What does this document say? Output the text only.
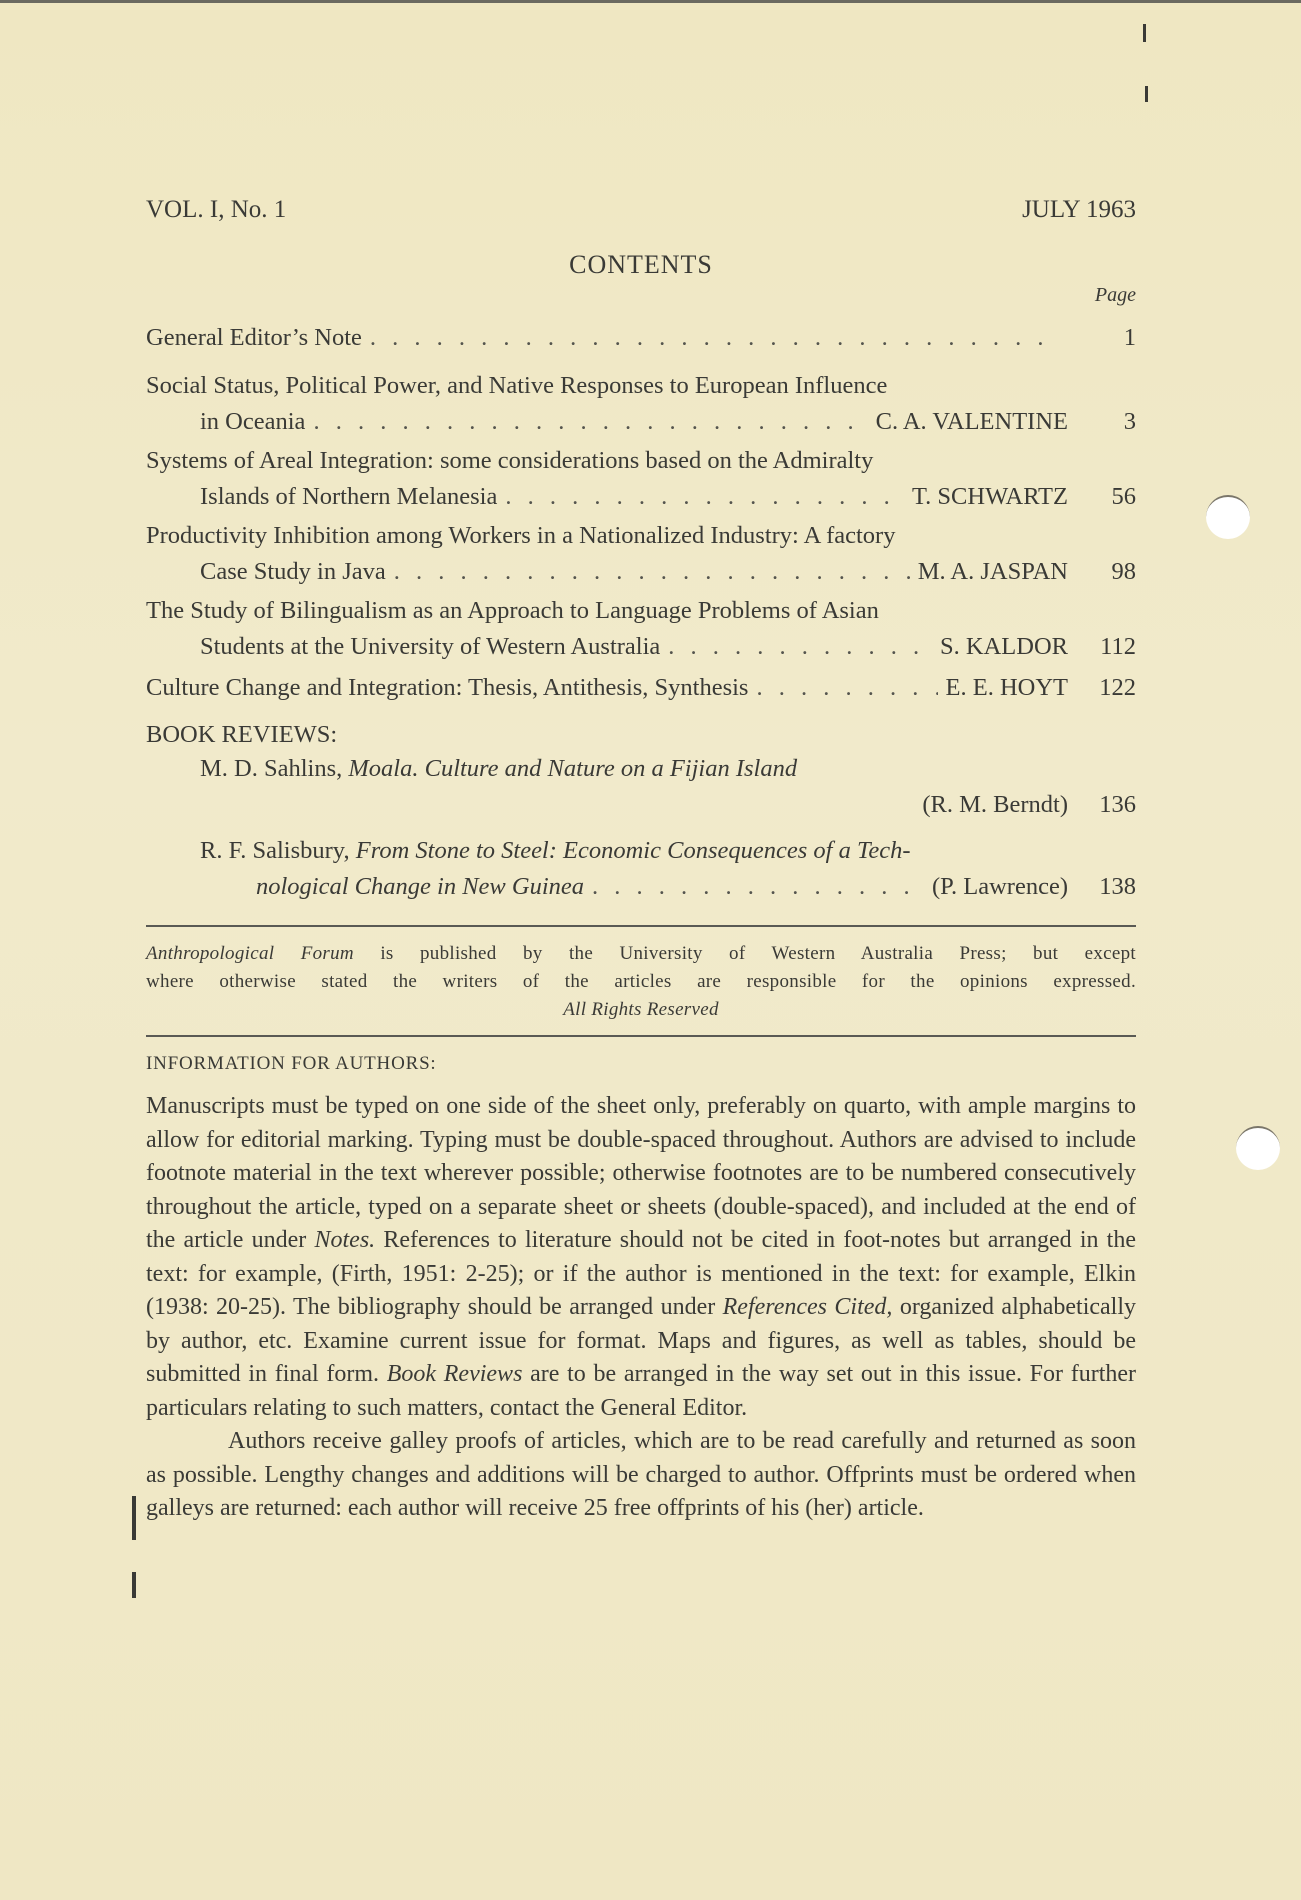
VOL. I, No. 1	JULY 1963
CONTENTS
Page
General Editor’s Note . . .	1
Social Status, Political Power, and Native Responses to European Influence
in Oceania . . .	C. A. VALENTINE	3
Systems of Areal Integration: some considerations based on the Admiralty
Islands of Northern Melanesia . . .	T. SCHWARTZ	56
Productivity Inhibition among Workers in a Nationalized Industry: A factory
Case Study in Java . . .	M. A. JASPAN	98
The Study of Bilingualism as an Approach to Language Problems of Asian
Students at the University of Western Australia . . .	S. KALDOR	112
Culture Change and Integration: Thesis, Antithesis, Synthesis . . .	E. E. HOYT	122
BOOK REVIEWS:
M. D. Sahlins,
Moala. Culture and Nature on a Fijian Island
(R. M. Berndt)	136
R. F. Salisbury,
From Stone to Steel: Economic Consequences of a Tech-
nological Change in New Guinea . . .	(P. Lawrence)	138

Anthropological Forum is published by the University of Western Australia Press; but except

where otherwise stated the writers of the articles are responsible for the opinions expressed.

All Rights Reserved

INFORMATION FOR AUTHORS:

Manuscripts must be typed on one side of the sheet only, preferably on quarto, with ample margins to allow for editorial marking. Typing must be double-spaced throughout. Authors are advised to include footnote material in the text wherever possible; otherwise footnotes are to be numbered consecutively throughout the article, typed on a separate sheet or sheets (double-spaced), and included at the end of the article under Notes. References to literature should not be cited in foot-notes but arranged in the text: for example, (Firth, 1951: 2-25); or if the author is mentioned in the text: for example, Elkin (1938: 20-25). The bibliography should be arranged under References Cited, organized alphabetically by author, etc. Examine current issue for format. Maps and figures, as well as tables, should be submitted in final form. Book Reviews are to be arranged in the way set out in this issue. For further particulars relating to such matters, contact the General Editor.

Authors receive galley proofs of articles, which are to be read carefully and returned as soon as possible. Lengthy changes and additions will be charged to author. Offprints must be ordered when galleys are returned: each author will receive 25 free offprints of his (her) article.
